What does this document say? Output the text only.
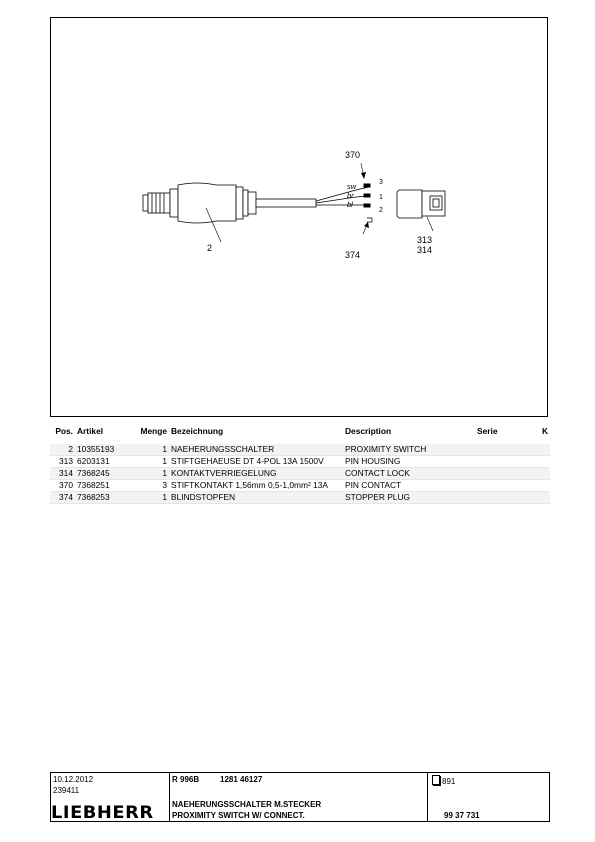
sw
br
bl
3
1
2
370
2
374
313
314
Pos.	Artikel	Menge	Bezeichnung	Description	Serie	K
2	10355193	1	NAEHERUNGSSCHALTER	PROXIMITY SWITCH		
313	6203131	1	STIFTGEHAEUSE DT 4-POL 13A 1500V	PIN HOUSING		
314	7368245	1	KONTAKTVERRIEGELUNG	CONTACT LOCK		
370	7368251	3	STIFTKONTAKT 1,56mm 0,5-1,0mm² 13A	PIN CONTACT		
374	7368253	1	BLINDSTOPFEN	STOPPER PLUG		
10.12.2012
239411
LIEBHERR
R 996B	1281 46127
NAEHERUNGSSCHALTER M.STECKER
PROXIMITY SWITCH W/ CONNECT.
891
99 37 731
